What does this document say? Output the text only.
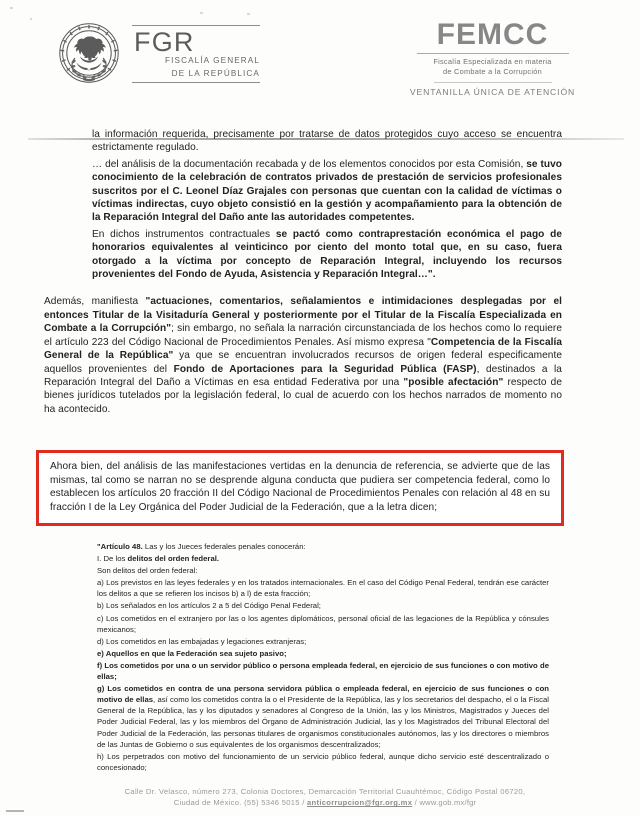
FGR
FISCALÍA GENERAL
DE LA REPÚBLICA
FEMCC
Fiscalía Especializada en materia
de Combate a la Corrupción
VENTANILLA ÚNICA DE ATENCIÓN

la información requerida, precisamente por tratarse de datos protegidos cuyo acceso se encuentra estrictamente regulado.

… del análisis de la documentación recabada y de los elementos conocidos por esta Comisión, se tuvo conocimiento de la celebración de contratos privados de prestación de servicios profesionales suscritos por el C. Leonel Díaz Grajales con personas que cuentan con la calidad de víctimas o víctimas indirectas, cuyo objeto consistió en la gestión y acompañamiento para la obtención de la Reparación Integral del Daño ante las autoridades competentes.

En dichos instrumentos contractuales se pactó como contraprestación económica el pago de honorarios equivalentes al veinticinco por ciento del monto total que, en su caso, fuera otorgado a la víctima por concepto de Reparación Integral, incluyendo los recursos provenientes del Fondo de Ayuda, Asistencia y Reparación Integral…".

Además, manifiesta "actuaciones, comentarios, señalamientos e intimidaciones desplegadas por el entonces Titular de la Visitaduría General y posteriormente por el Titular de la Fiscalía Especializada en Combate a la Corrupción"; sin embargo, no señala la narración circunstanciada de los hechos como lo requiere el artículo 223 del Código Nacional de Procedimientos Penales. Así mismo expresa "Competencia de la Fiscalía General de la República" ya que se encuentran involucrados recursos de origen federal especificamente aquellos provenientes del Fondo de Aportaciones para la Seguridad Pública (FASP), destinados a la Reparación Integral del Daño a Víctimas en esa entidad Federativa por una "posible afectación" respecto de bienes jurídicos tutelados por la legislación federal, lo cual de acuerdo con los hechos narrados de momento no ha acontecido.

Ahora bien, del análisis de las manifestaciones vertidas en la denuncia de referencia, se advierte que de las mismas, tal como se narran no se desprende alguna conducta que pudiera ser competencia federal, como lo establecen los artículos 20 fracción II del Código Nacional de Procedimientos Penales con relación al 48 en su fracción I de la Ley Orgánica del Poder Judicial de la Federación, que a la letra dicen;

"Artículo 48. Las y los Jueces federales penales conocerán:

I. De los delitos del orden federal.

Son delitos del orden federal:

a) Los previstos en las leyes federales y en los tratados internacionales. En el caso del Código Penal Federal, tendrán ese carácter los delitos a que se refieren los incisos b) a l) de esta fracción;

b) Los señalados en los artículos 2 a 5 del Código Penal Federal;

c) Los cometidos en el extranjero por las o los agentes diplomáticos, personal oficial de las legaciones de la República y cónsules mexicanos;

d) Los cometidos en las embajadas y legaciones extranjeras;

e) Aquellos en que la Federación sea sujeto pasivo;

f) Los cometidos por una o un servidor público o persona empleada federal, en ejercicio de sus funciones o con motivo de ellas;

g) Los cometidos en contra de una persona servidora pública o empleada federal, en ejercicio de sus funciones o con motivo de ellas, así como los cometidos contra la o el Presidente de la República, las y los secretarios del despacho, el o la Fiscal General de la República, las y los diputados y senadores al Congreso de la Unión, las y los Ministros, Magistrados y Jueces del Poder Judicial Federal, las y los miembros del Órgano de Administración Judicial, las y los Magistrados del Tribunal Electoral del Poder Judicial de la Federación, las personas titulares de organismos constitucionales autónomos, las y los directores o miembros de las Juntas de Gobierno o sus equivalentes de los organismos descentralizados;

h) Los perpetrados con motivo del funcionamiento de un servicio público federal, aunque dicho servicio esté descentralizado o concesionado;

Calle Dr. Velasco, número 273, Colonia Doctores, Demarcación Territorial Cuauhtémoc, Código Postal 06720,
Ciudad de México. (55) 5346 5015 / anticorrupcion@fgr.org.mx / www.gob.mx/fgr
